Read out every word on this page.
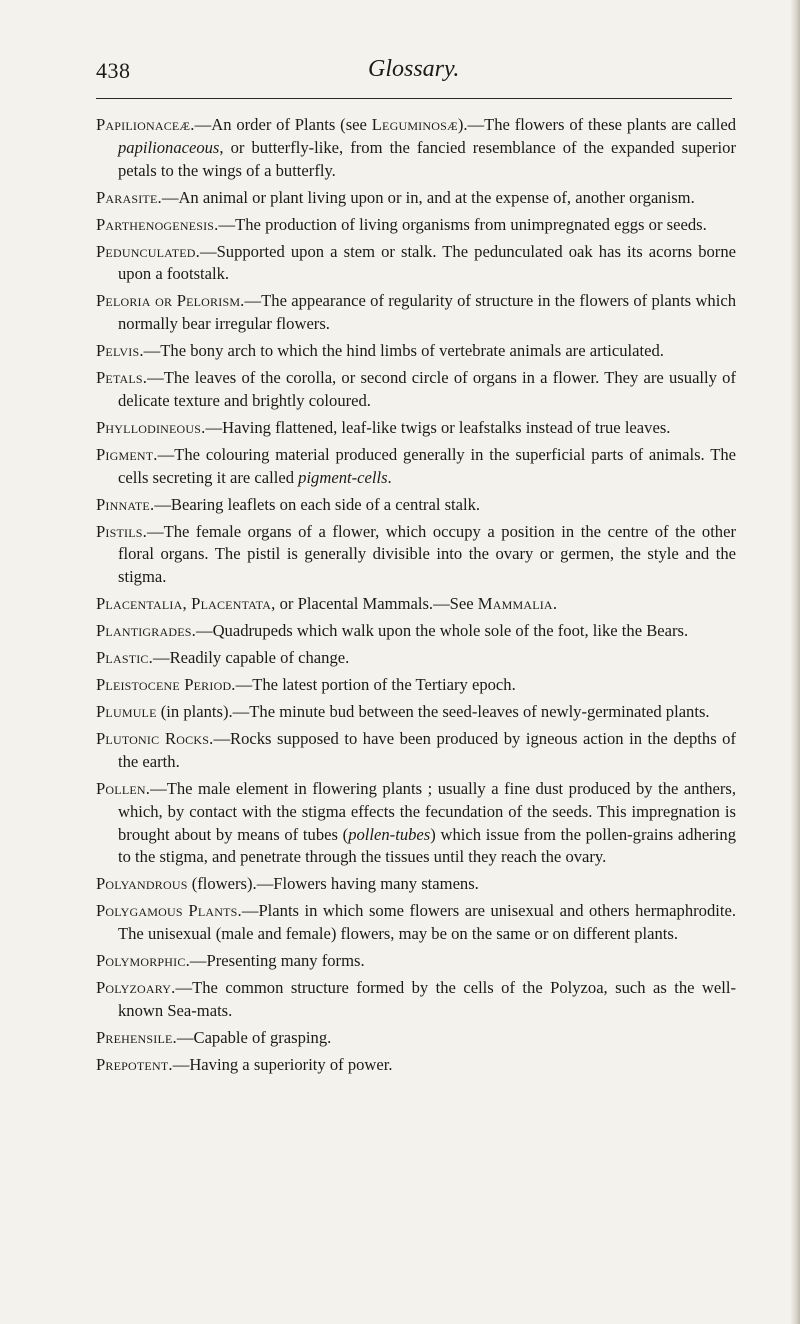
438	Glossary.

Papilionaceæ.—An order of Plants (see Leguminosæ).—The flowers of these plants are called papilionaceous, or butterfly-like, from the fancied resemblance of the expanded superior petals to the wings of a butterfly.

Parasite.—An animal or plant living upon or in, and at the expense of, another organism.

Parthenogenesis.—The production of living organisms from unimpregnated eggs or seeds.

Pedunculated.—Supported upon a stem or stalk. The pedunculated oak has its acorns borne upon a footstalk.

Peloria or Pelorism.—The appearance of regularity of structure in the flowers of plants which normally bear irregular flowers.

Pelvis.—The bony arch to which the hind limbs of vertebrate animals are articulated.

Petals.—The leaves of the corolla, or second circle of organs in a flower. They are usually of delicate texture and brightly coloured.

Phyllodineous.—Having flattened, leaf-like twigs or leafstalks instead of true leaves.

Pigment.—The colouring material produced generally in the superficial parts of animals. The cells secreting it are called pigment-cells.

Pinnate.—Bearing leaflets on each side of a central stalk.

Pistils.—The female organs of a flower, which occupy a position in the centre of the other floral organs. The pistil is generally divisible into the ovary or germen, the style and the stigma.

Placentalia, Placentata, or Placental Mammals.—See Mammalia.

Plantigrades.—Quadrupeds which walk upon the whole sole of the foot, like the Bears.

Plastic.—Readily capable of change.

Pleistocene Period.—The latest portion of the Tertiary epoch.

Plumule (in plants).—The minute bud between the seed-leaves of newly-germinated plants.

Plutonic Rocks.—Rocks supposed to have been produced by igneous action in the depths of the earth.

Pollen.—The male element in flowering plants ; usually a fine dust produced by the anthers, which, by contact with the stigma effects the fecundation of the seeds. This impregnation is brought about by means of tubes (pollen-tubes) which issue from the pollen-grains adhering to the stigma, and penetrate through the tissues until they reach the ovary.

Polyandrous (flowers).—Flowers having many stamens.

Polygamous Plants.—Plants in which some flowers are unisexual and others hermaphrodite. The unisexual (male and female) flowers, may be on the same or on different plants.

Polymorphic.—Presenting many forms.

Polyzoary.—The common structure formed by the cells of the Polyzoa, such as the well-known Sea-mats.

Prehensile.—Capable of grasping.

Prepotent.—Having a superiority of power.
